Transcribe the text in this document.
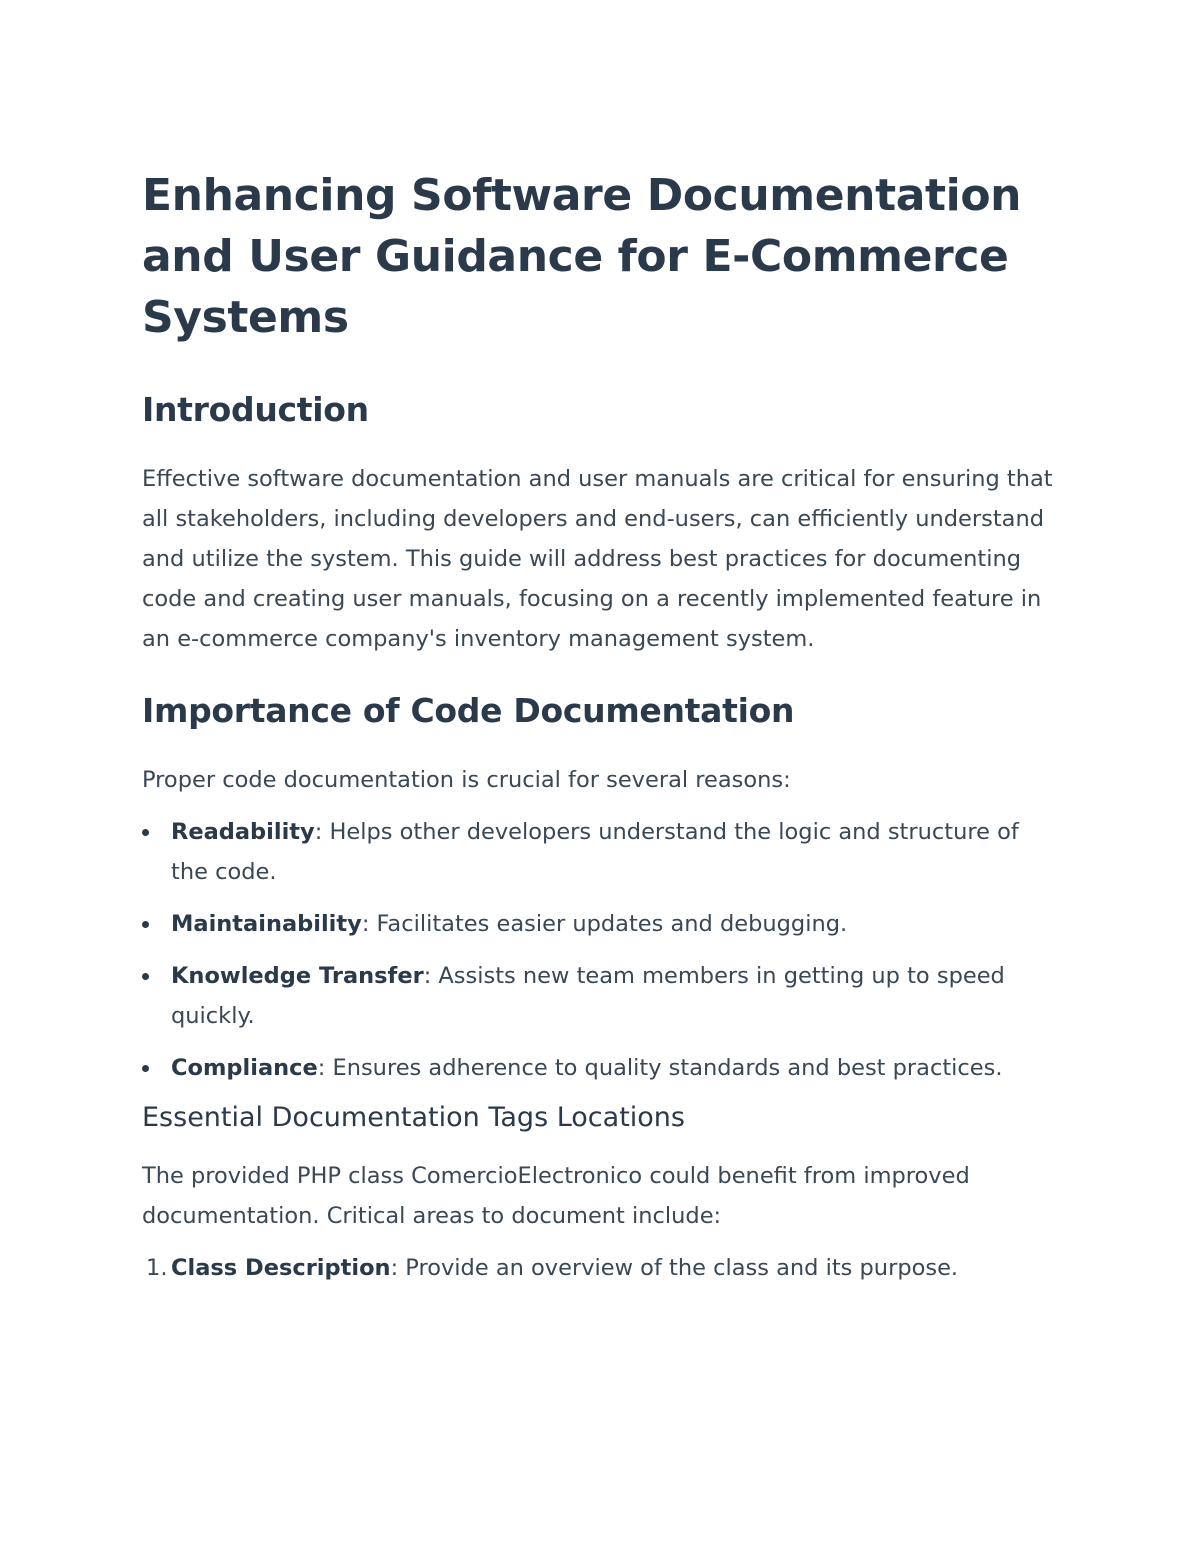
Enhancing Software Documentation and User Guidance for E-Commerce Systems
Introduction

Effective software documentation and user manuals are critical for ensuring that all stakeholders, including developers and end-users, can efficiently understand and utilize the system. This guide will address best practices for documenting code and creating user manuals, focusing on a recently implemented feature in an e-commerce company's inventory management system.

Importance of Code Documentation

Proper code documentation is crucial for several reasons:

Readability: Helps other developers understand the logic and structure of the code.
Maintainability: Facilitates easier updates and debugging.
Knowledge Transfer: Assists new team members in getting up to speed quickly.
Compliance: Ensures adherence to quality standards and best practices.
Essential Documentation Tags Locations

The provided PHP class ComercioElectronico could benefit from improved documentation. Critical areas to document include:

1. Class Description: Provide an overview of the class and its purpose.
